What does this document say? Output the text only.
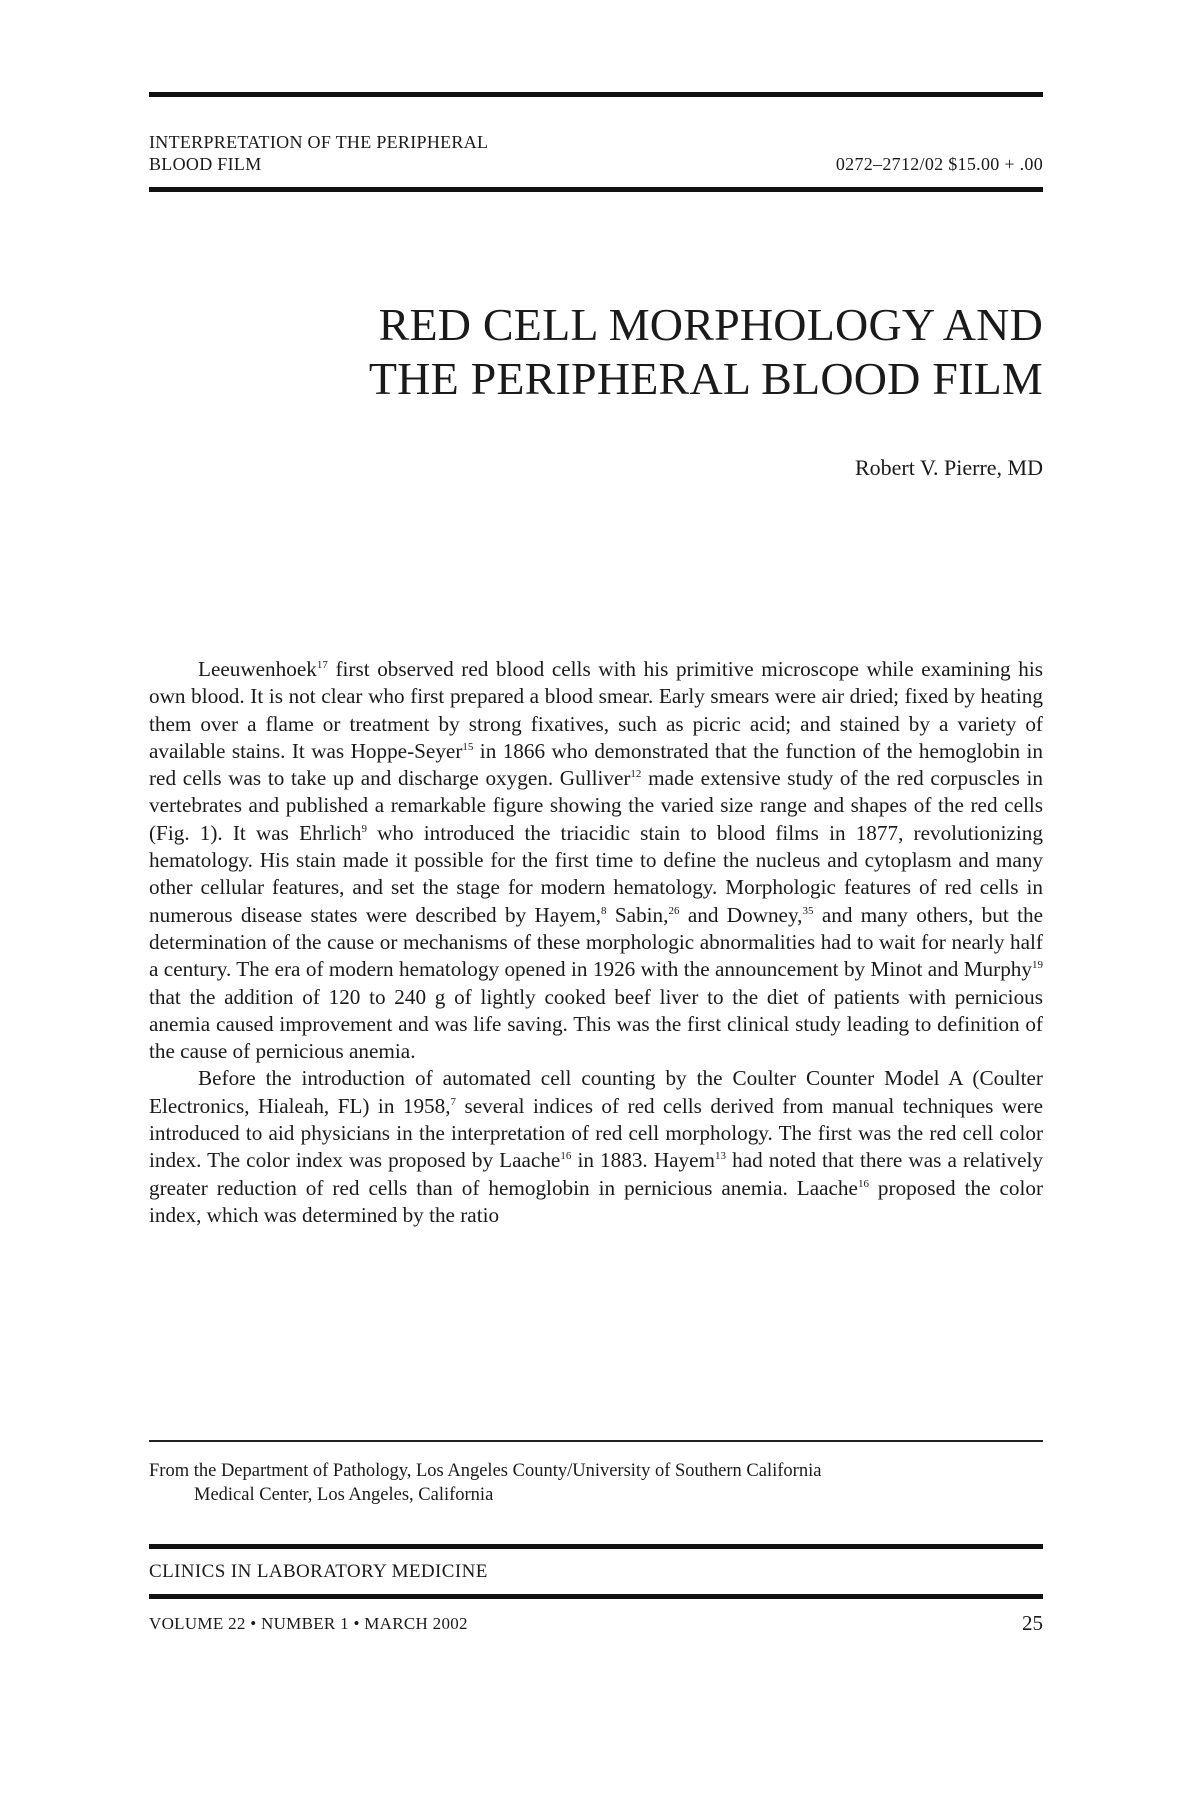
INTERPRETATION OF THE PERIPHERAL
BLOOD FILM	0272–2712/02 $15.00 + .00
RED CELL MORPHOLOGY AND
THE PERIPHERAL BLOOD FILM
Robert V. Pierre, MD

Leeuwenhoek$^{17}$ first observed red blood cells with his primitive microscope while examining his own blood. It is not clear who first prepared a blood smear. Early smears were air dried; fixed by heating them over a flame or treatment by strong fixatives, such as picric acid; and stained by a variety of available stains. It was Hoppe-Seyer$^{15}$ in 1866 who demonstrated that the function of the hemoglobin in red cells was to take up and discharge oxygen. Gulliver$^{12}$ made extensive study of the red corpuscles in vertebrates and published a remarkable figure showing the varied size range and shapes of the red cells (Fig. 1). It was Ehrlich$^9$ who introduced the triacidic stain to blood films in 1877, revolutionizing hematology. His stain made it possible for the first time to define the nucleus and cytoplasm and many other cellular features, and set the stage for modern hematology. Morphologic features of red cells in numerous disease states were described by Hayem,$^8$ Sabin,$^{26}$ and Downey,$^{35}$ and many others, but the determination of the cause or mechanisms of these morphologic abnormalities had to wait for nearly half a century. The era of modern hematology opened in 1926 with the announcement by Minot and Murphy$^{19}$ that the addition of 120 to 240 g of lightly cooked beef liver to the diet of patients with pernicious anemia caused improvement and was life saving. This was the first clinical study leading to definition of the cause of pernicious anemia.

Before the introduction of automated cell counting by the Coulter Counter Model A (Coulter Electronics, Hialeah, FL) in 1958,$^7$ several indices of red cells derived from manual techniques were introduced to aid physicians in the interpretation of red cell morphology. The first was the red cell color index. The color index was proposed by Laache$^{16}$ in 1883. Hayem$^{13}$ had noted that there was a relatively greater reduction of red cells than of hemoglobin in pernicious anemia. Laache$^{16}$ proposed the color index, which was determined by the ratio

From the Department of Pathology, Los Angeles County/University of Southern California
Medical Center, Los Angeles, California
CLINICS IN LABORATORY MEDICINE
VOLUME 22 • NUMBER 1 • MARCH 2002	25
